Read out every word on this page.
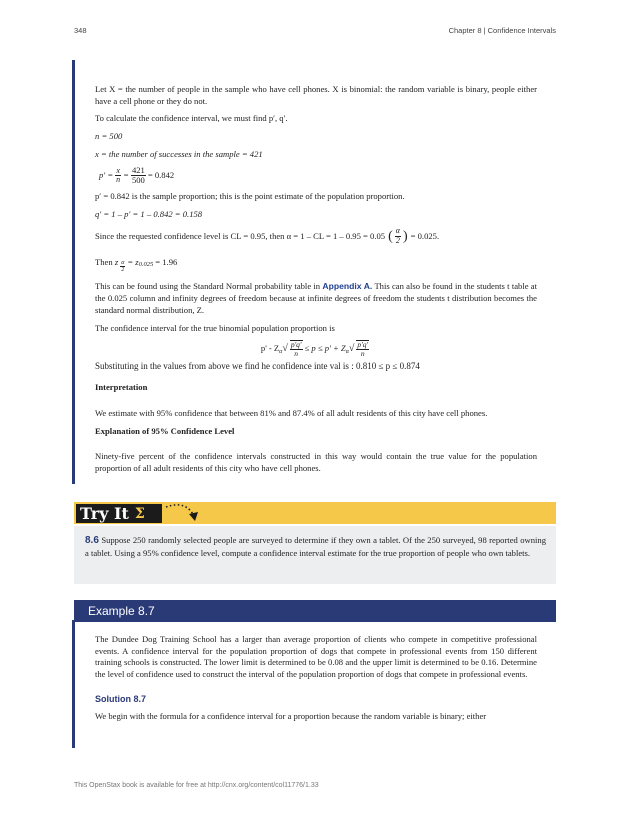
348	Chapter 8 | Confidence Intervals

Let X = the number of people in the sample who have cell phones. X is binomial: the random variable is binary, people either have a cell phone or they do not.

To calculate the confidence interval, we must find p′, q′.

n = 500

x = the number of successes in the sample = 421

$p' = \frac{x}{n} = \frac{421}{500} = 0.842$

p′ = 0.842 is the sample proportion; this is the point estimate of the population proportion.

q′ = 1 – p′ = 1 – 0.842 = 0.158

Since the requested confidence level is CL = 0.95, then α = 1 – CL = 1 – 0.95 = 0.05 ( $\frac{\alpha}{2}$ ) = 0.025.
Then
z $\frac{\alpha}{2} = z$ 0.025 = 1.96

This can be found using the Standard Normal probability table in Appendix A. This can also be found in the students t table at the 0.025 column and infinity degrees of freedom because at infinite degrees of freedom the students t distribution becomes the standard normal distribution, Z.

The confidence interval for the true binomial population proportion is

p' - Z α √ $\frac{p'q'}{n} \le p \le p' + Z$ α √ $\frac{p'q'}{n}$

Substituting in the values from above we find he confidence inte val is : 0.810 ≤ p ≤ 0.874

Interpretation

We estimate with 95% confidence that between 81% and 87.4% of all adult residents of this city have cell phones.

Explanation of 95% Confidence Level

Ninety-five percent of the confidence intervals constructed in this way would contain the true value for the population proportion of all adult residents of this city who have cell phones.

Try It Σ
8.6 Suppose 250 randomly selected people are surveyed to determine if they own a tablet. Of the 250 surveyed, 98 reported owning a tablet. Using a 95% confidence level, compute a confidence interval estimate for the true proportion of people who own tablets.
Example 8.7

The Dundee Dog Training School has a larger than average proportion of clients who compete in competitive professional events. A confidence interval for the population proportion of dogs that compete in professional events from 150 different training schools is constructed. The lower limit is determined to be 0.08 and the upper limit is determined to be 0.16. Determine the level of confidence used to construct the interval of the population proportion of dogs that compete in professional events.

Solution 8.7

We begin with the formula for a confidence interval for a proportion because the random variable is binary; either

This OpenStax book is available for free at http://cnx.org/content/col11776/1.33
